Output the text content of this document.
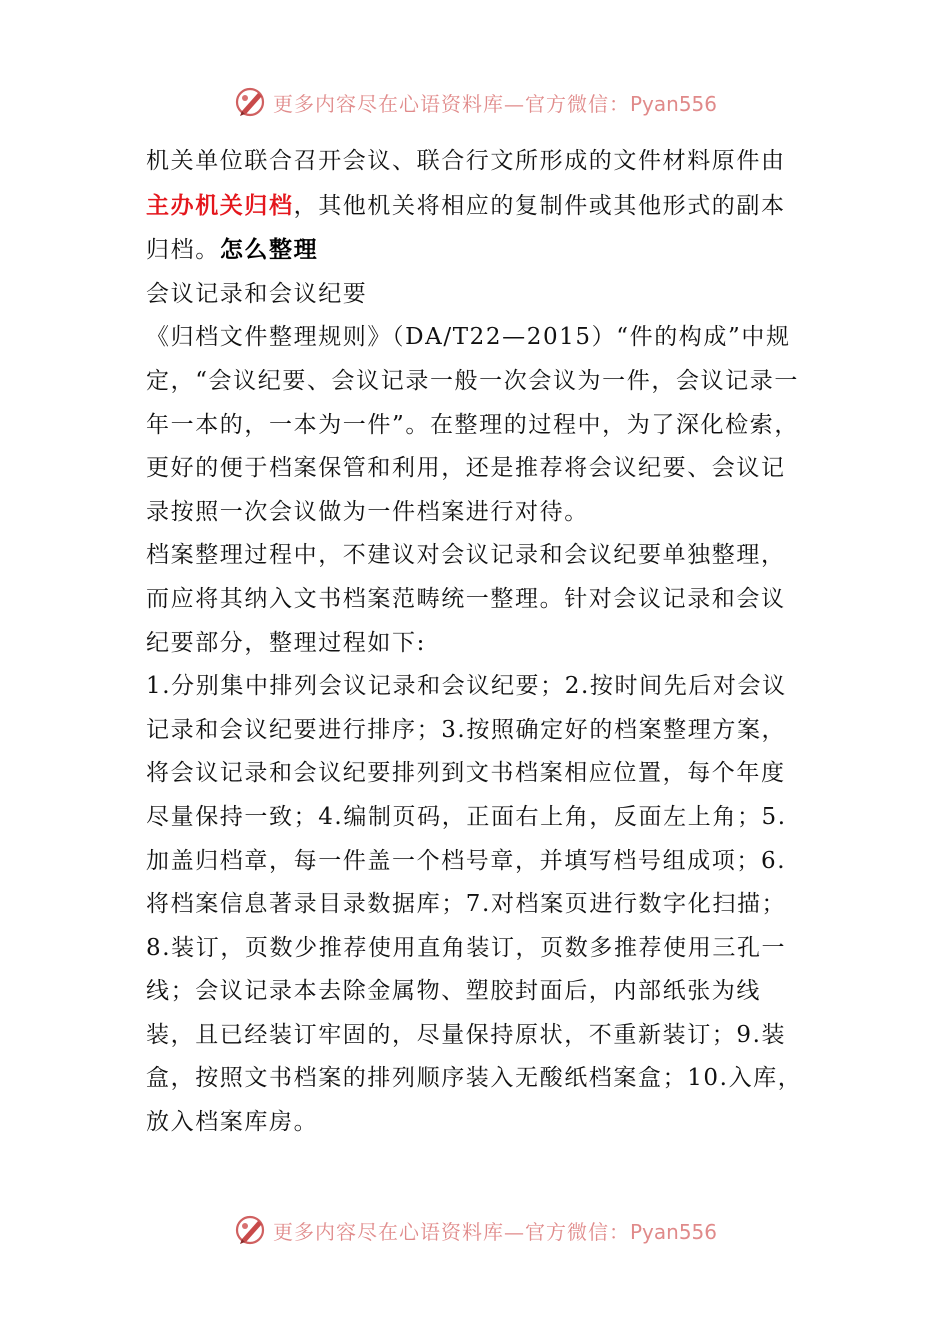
更多内容尽在心语资料库—官方微信：Pyan556

机关单位联合召开会议、联合行文所形成的文件材料原件由主办机关归档，其他机关将相应的复制件或其他形式的副本归档。怎么整理

会议记录和会议纪要

《归档文件整理规则》（DA/T22—2015）“件的构成”中规定，“会议纪要、会议记录一般一次会议为一件，会议记录一年一本的，一本为一件”。在整理的过程中，为了深化检索，更好的便于档案保管和利用，还是推荐将会议纪要、会议记录按照一次会议做为一件档案进行对待。

档案整理过程中，不建议对会议记录和会议纪要单独整理，而应将其纳入文书档案范畴统一整理。针对会议记录和会议纪要部分，整理过程如下:

1.分别集中排列会议记录和会议纪要；2.按时间先后对会议记录和会议纪要进行排序；3.按照确定好的档案整理方案，将会议记录和会议纪要排列到文书档案相应位置，每个年度尽量保持一致；4.编制页码，正面右上角，反面左上角；5.加盖归档章，每一件盖一个档号章，并填写档号组成项；6.将档案信息著录目录数据库；7.对档案页进行数字化扫描；8.装订，页数少推荐使用直角装订，页数多推荐使用三孔一线；会议记录本去除金属物、塑胶封面后，内部纸张为线装，且已经装订牢固的，尽量保持原状，不重新装订；9.装盒，按照文书档案的排列顺序装入无酸纸档案盒；10.入库，放入档案库房。

更多内容尽在心语资料库—官方微信：Pyan556
